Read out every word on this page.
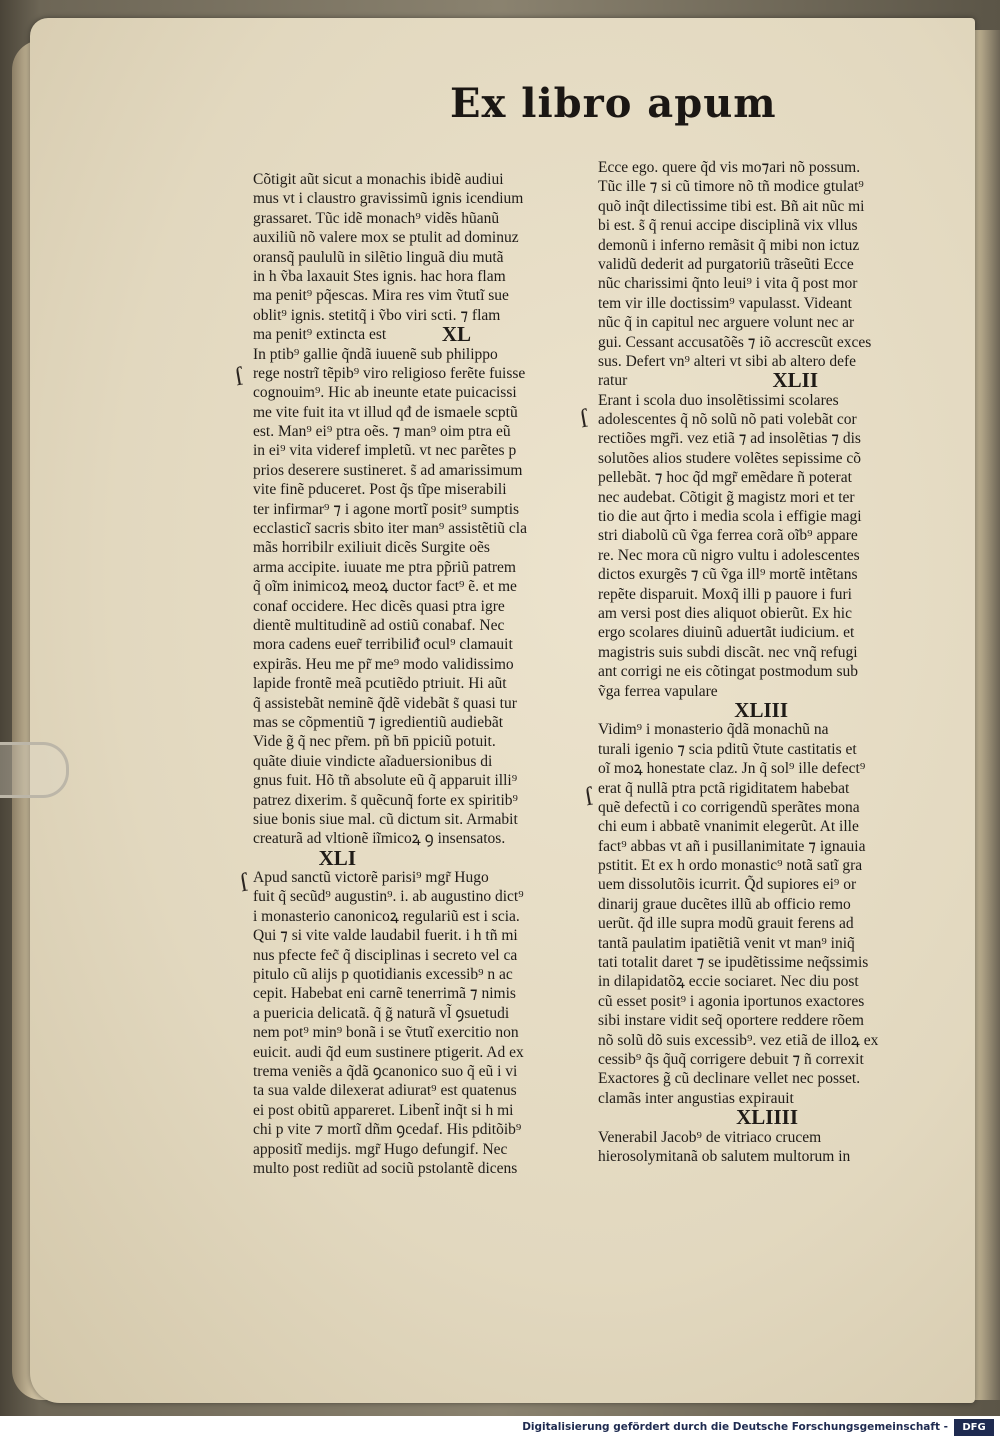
Ex libro apum
Cõtigit aũt sicut a monachis ibidẽ audiui
mus vt i claustro gravissimũ ignis icendium
grassaret. Tũc idẽ monach⁹ vidẽs hũanũ
auxiliũ nõ valere mox se ptulit ad dominuz
oransq̃ paululũ in silẽtio linguã diu mutã
in h ṽba laxauit Stes ignis. hac hora flam
ma penit⁹ pq̃escas. Mira res vim ṽtutĩ sue
oblit⁹ ignis. stetitq̃ i ṽbo viri scti. ⁊ flam
ma penit⁹ extincta est	XL
In ptib⁹ gallie q̃ndã iuuenẽ sub philippo
rege nostrĩ tẽpib⁹ viro religioso ferẽte fuisse
cognouim⁹. Hic ab ineunte etate puicacissi
me vite fuit ita vt illud qđ de ismaele scptũ
est. Man⁹ ei⁹ ptra oẽs. ⁊ man⁹ oim ptra eũ
in ei⁹ vita videref impletũ. vt nec parẽtes p
prios deserere sustineret. s̃ ad amarissimum
vite finẽ pduceret. Post q̃s tĩpe miserabili
ter infirmar⁹ ⁊ i agone mortĩ posit⁹ sumptis
ecclasticĩ sacris sbito iter man⁹ assistẽtiũ cla
mãs horribilr exiliuit dicẽs Surgite oẽs
arma accipite. iuuate me ptra pp̃riũ patrem
q̃ oĩm inimicoꝝ meoꝝ ductor fact⁹ ẽ. et me
conaf occidere. Hec dicẽs quasi ptra igre
dientẽ multitudinẽ ad ostiũ conabaf. Nec
mora cadens euer̃ terribiliᵭ ocul⁹ clamauit
expirãs. Heu me pr̃ me⁹ modo validissimo
lapide frontẽ meã pcutiẽdo ptriuit. Hi aũt
q̃ assistebãt neminẽ q̃dẽ videbãt s̃ quasi tur
mas se cõpmentiũ ⁊ igredientiũ audiebãt
Vide g̃ q̃ nec pr̃em. pñ bn̄ ppiciũ potuit.
quãte diuie vindicte aĩaduersionibus di
gnus fuit. Hõ tñ absolute eũ q̃ apparuit illi⁹
patrez dixerim. s̃ quẽcunq̃ forte ex spiritib⁹
siue bonis siue mal. cũ dictum sit. Armabit
creaturã ad vltionẽ iĩmicoꝝ ꝯ insensatos.
XLI
Apud sanctũ victorẽ parisi⁹ mgr̃ Hugo
fuit q̃ secũd⁹ augustin⁹. i. ab augustino dict⁹
i monasterio canonicoꝝ regulariũ est i scia.
Qui ⁊ si vite valde laudabil fuerit. i h tñ mi
nus pfecte fec̃ q̃ disciplinas i secreto vel ca
pitulo cũ alijs p quotidianis excessib⁹ n ac
cepit. Habebat eni carnẽ tenerrimã ⁊ nimis
a puericia delicatã. q̃ g̃ naturã vl̃ ꝯsuetudi
nem pot⁹ min⁹ bonã i se ṽtutĩ exercitio non
euicit. audi q̃d eum sustinere ptigerit. Ad ex
trema veniẽs a q̃dã ꝯcanonico suo q̃ eũ i vi
ta sua valde dilexerat adiurat⁹ est quatenus
ei post obitũ appareret. Libent̃ inq̃t si h mi
chi p vite ⁊ mortĩ dñm ꝯcedaf. His pditõib⁹
appositĩ medijs. mgr̃ Hugo defungif. Nec
multo post rediũt ad sociũ pstolantẽ dicens
Ecce ego. quere q̃d vis mo⁊ari nõ possum.
Tũc ille ⁊ si cũ timore nõ tñ modice gtulat⁹
quõ inq̃t dilectissime tibi est. Bñ ait nũc mi
bi est. s̃ q̃ renui accipe disciplinã vix vllus
demonũ i inferno remãsit q̃ mibi non ictuz
validũ dederit ad purgatoriũ trãseũti Ecce
nũc charissimi q̃nto leui⁹ i vita q̃ post mor
tem vir ille doctissim⁹ vapulasst. Videant
nũc q̃ in capitul nec arguere volunt nec ar
gui. Cessant accusatõẽs ⁊ iõ accrescũt exces
sus. Defert vn⁹ alteri vt sibi ab altero defe
ratur	XLII
Erant i scola duo insolẽtissimi scolares
adolescentes q̃ nõ solũ nõ pati volebãt cor
rectiões mgr̃i. vez etiã ⁊ ad insolẽtias ⁊ dis
solutões alios studere volẽtes sepissime cõ
pellebãt. ⁊ hoc q̃d mgr̃ emẽdare ñ poterat
nec audebat. Cõtigit g̃ magistz mori et ter
tio die aut q̃rto i media scola i effigie magi
stri diabolũ cũ ṽga ferrea corã oĩb⁹ appare
re. Nec mora cũ nigro vultu i adolescentes
dictos exurgẽs ⁊ cũ ṽga ill⁹ mortẽ intẽtans
repẽte disparuit. Moxq̃ illi p pauore i furi
am versi post dies aliquot obierũt. Ex hic
ergo scolares diuinũ aduertãt iudicium. et
magistris suis subdi discãt. nec vnq̃ refugi
ant corrigi ne eis cõtingat postmodum sub
ṽga ferrea vapulare
XLIII
Vidim⁹ i monasterio q̃dã monachũ na
turali igenio ⁊ scia pditũ ṽtute castitatis et
oĩ moꝝ honestate claz. Jn q̃ sol⁹ ille defect⁹
erat q̃ nullã ptra pctã rigiditatem habebat
quẽ defectũ i co corrigendũ sperãtes mona
chi eum i abbatẽ vnanimit elegerũt. At ille
fact⁹ abbas vt añ i pusillanimitate ⁊ ignauia
pstitit. Et ex h ordo monastic⁹ notã satĩ gra
uem dissolutõis icurrit. Q̃d supiores ei⁹ or
dinarij graue ducẽtes illũ ab officio remo
uerũt. q̃d ille supra modũ grauit ferens ad
tantã paulatim ipatiẽtiã venit vt man⁹ iniq̃
tati totalit daret ⁊ se ipudẽtissime neq̃ssimis
in dilapidatõꝝ eccie sociaret. Nec diu post
cũ esset posit⁹ i agonia iportunos exactores
sibi instare vidit seq̃ oportere reddere rõem
nõ solũ dõ suis excessib⁹. vez etiã de illoꝝ ex
cessib⁹ q̃s q̃uq̃ corrigere debuit ⁊ ñ correxit
Exactores g̃ cũ declinare vellet nec posset.
clamãs inter angustias expirauit
XLIIII
Venerabil Jacob⁹ de vitriaco crucem
hierosolymitanã ob salutem multorum in
ſ
ſ
ſ
ſ
Digitalisierung gefördert durch die Deutsche Forschungsgemeinschaft -	DFG
